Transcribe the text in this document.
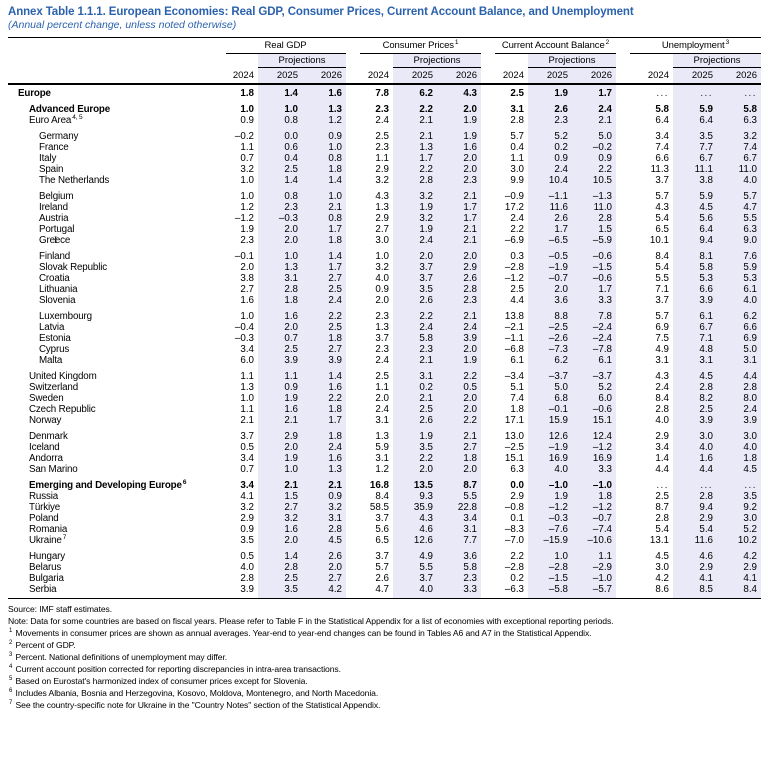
Annex Table 1.1.1. European Economies: Real GDP, Consumer Prices, Current Account Balance, and Unemployment
(Annual percent change, unless noted otherwise)
Real GDP	Consumer Prices$^1$	Current Account Balance$^2$	Unemployment$^3$
Projections	Projections	Projections	Projections
2024	2025	2026	2024	2025	2026	2024	2025	2026	2024	2025	2026
Europe	1.8	1.4	1.6	7.8	6.2	4.3	2.5	1.9	1.7	...	...	...
Advanced Europe	1.0	1.0	1.3	2.3	2.2	2.0	3.1	2.6	2.4	5.8	5.9	5.8
Euro Area$^{4, 5}$	0.9	0.8	1.2	2.4	2.1	1.9	2.8	2.3	2.1	6.4	6.4	6.3
Germany	–0.2	0.0	0.9	2.5	2.1	1.9	5.7	5.2	5.0	3.4	3.5	3.2
France	1.1	0.6	1.0	2.3	1.3	1.6	0.4	0.2	–0.2	7.4	7.7	7.4
Italy	0.7	0.4	0.8	1.1	1.7	2.0	1.1	0.9	0.9	6.6	6.7	6.7
Spain	3.2	2.5	1.8	2.9	2.2	2.0	3.0	2.4	2.2	11.3	11.1	11.0
The Netherlands	1.0	1.4	1.4	3.2	2.8	2.3	9.9	10.4	10.5	3.7	3.8	4.0
Belgium	1.0	0.8	1.0	4.3	3.2	2.1	–0.9	–1.1	–1.3	5.7	5.9	5.7
Ireland	1.2	2.3	2.1	1.3	1.9	1.7	17.2	11.6	11.0	4.3	4.5	4.7
Austria	–1.2	–0.3	0.8	2.9	3.2	1.7	2.4	2.6	2.8	5.4	5.6	5.5
Portugal	1.9	2.0	1.7	2.7	1.9	2.1	2.2	1.7	1.5	6.5	6.4	6.3
Greece I	2.3	2.0	1.8	3.0	2.4	2.1	–6.9	–6.5	–5.9	10.1	9.4	9.0
Finland	–0.1	1.0	1.4	1.0	2.0	2.0	0.3	–0.5	–0.6	8.4	8.1	7.6
Slovak Republic	2.0	1.3	1.7	3.2	3.7	2.9	–2.8	–1.9	–1.5	5.4	5.8	5.9
Croatia	3.8	3.1	2.7	4.0	3.7	2.6	–1.2	–0.7	–0.6	5.5	5.3	5.3
Lithuania	2.7	2.8	2.5	0.9	3.5	2.8	2.5	2.0	1.7	7.1	6.6	6.1
Slovenia	1.6	1.8	2.4	2.0	2.6	2.3	4.4	3.6	3.3	3.7	3.9	4.0
Luxembourg	1.0	1.6	2.2	2.3	2.2	2.1	13.8	8.8	7.8	5.7	6.1	6.2
Latvia	–0.4	2.0	2.5	1.3	2.4	2.4	–2.1	–2.5	–2.4	6.9	6.7	6.6
Estonia	–0.3	0.7	1.8	3.7	5.8	3.9	–1.1	–2.6	–2.4	7.5	7.1	6.9
Cyprus	3.4	2.5	2.7	2.3	2.3	2.0	–6.8	–7.3	–7.8	4.9	4.8	5.0
Malta	6.0	3.9	3.9	2.4	2.1	1.9	6.1	6.2	6.1	3.1	3.1	3.1
United Kingdom	1.1	1.1	1.4	2.5	3.1	2.2	–3.4	–3.7	–3.7	4.3	4.5	4.4
Switzerland	1.3	0.9	1.6	1.1	0.2	0.5	5.1	5.0	5.2	2.4	2.8	2.8
Sweden	1.0	1.9	2.2	2.0	2.1	2.0	7.4	6.8	6.0	8.4	8.2	8.0
Czech Republic	1.1	1.6	1.8	2.4	2.5	2.0	1.8	–0.1	–0.6	2.8	2.5	2.4
Norway	2.1	2.1	1.7	3.1	2.6	2.2	17.1	15.9	15.1	4.0	3.9	3.9
Denmark	3.7	2.9	1.8	1.3	1.9	2.1	13.0	12.6	12.4	2.9	3.0	3.0
Iceland	0.5	2.0	2.4	5.9	3.5	2.7	–2.5	–1.9	–1.2	3.4	4.0	4.0
Andorra	3.4	1.9	1.6	3.1	2.2	1.8	15.1	16.9	16.9	1.4	1.6	1.8
San Marino	0.7	1.0	1.3	1.2	2.0	2.0	6.3	4.0	3.3	4.4	4.4	4.5
Emerging and Developing Europe$^6$	3.4	2.1	2.1	16.8	13.5	8.7	0.0	–1.0	–1.0	...	...	...
Russia	4.1	1.5	0.9	8.4	9.3	5.5	2.9	1.9	1.8	2.5	2.8	3.5
Türkiye	3.2	2.7	3.2	58.5	35.9	22.8	–0.8	–1.2	–1.2	8.7	9.4	9.2
Poland	2.9	3.2	3.1	3.7	4.3	3.4	0.1	–0.3	–0.7	2.8	2.9	3.0
Romania	0.9	1.6	2.8	5.6	4.6	3.1	–8.3	–7.6	–7.4	5.4	5.4	5.2
Ukraine$^7$	3.5	2.0	4.5	6.5	12.6	7.7	–7.0	–15.9	–10.6	13.1	11.6	10.2
Hungary	0.5	1.4	2.6	3.7	4.9	3.6	2.2	1.0	1.1	4.5	4.6	4.2
Belarus	4.0	2.8	2.0	5.7	5.5	5.8	–2.8	–2.8	–2.9	3.0	2.9	2.9
Bulgaria	2.8	2.5	2.7	2.6	3.7	2.3	0.2	–1.5	–1.0	4.2	4.1	4.1
Serbia	3.9	3.5	4.2	4.7	4.0	3.3	–6.3	–5.8	–5.7	8.6	8.5	8.4
Source: IMF staff estimates.
Note: Data for some countries are based on fiscal years. Please refer to Table F in the Statistical Appendix for a list of economies with exceptional reporting periods.
$^1$ Movements in consumer prices are shown as annual averages. Year-end to year-end changes can be found in Tables A6 and A7 in the Statistical Appendix.
$^2$ Percent of GDP.
$^3$ Percent. National definitions of unemployment may differ.
$^4$ Current account position corrected for reporting discrepancies in intra-area transactions.
$^5$ Based on Eurostat's harmonized index of consumer prices except for Slovenia.
$^6$ Includes Albania, Bosnia and Herzegovina, Kosovo, Moldova, Montenegro, and North Macedonia.
$^7$ See the country-specific note for Ukraine in the "Country Notes" section of the Statistical Appendix.
